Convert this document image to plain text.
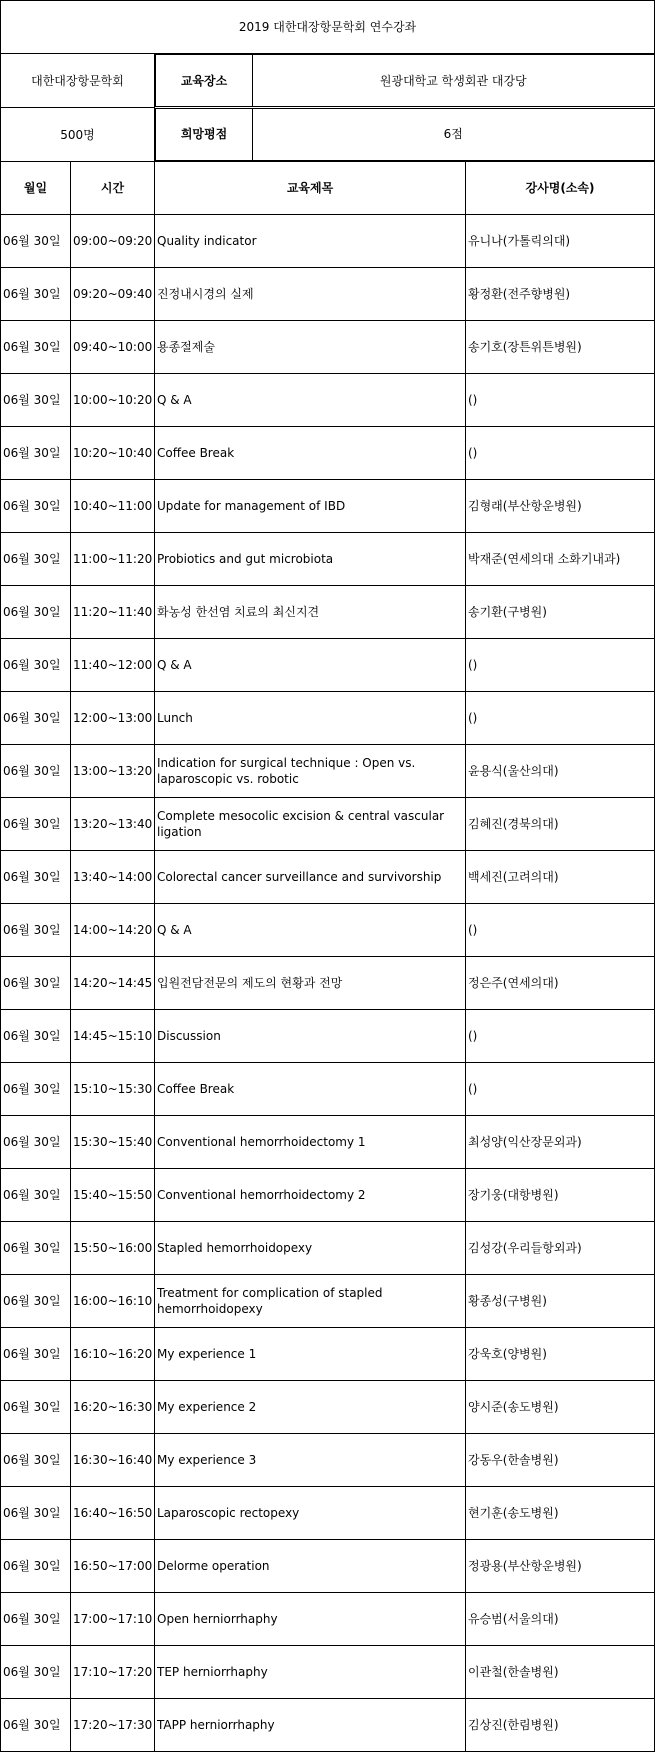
2019 대한대장항문학회 연수강좌
대한대장항문학회		교육장소	원광대학교 학생회관 대강당

500명		희망평점	6점

월일	시간	교육제목	강사명(소속)
06월 30일	09:00~09:20	Quality indicator	유니나(가톨릭의대)
06월 30일	09:20~09:40	진정내시경의 실제	황정환(전주향병원)
06월 30일	09:40~10:00	용종절제술	송기호(장튼위튼병원)
06월 30일	10:00~10:20	Q & A	()
06월 30일	10:20~10:40	Coffee Break	()
06월 30일	10:40~11:00	Update for management of IBD	김형래(부산항운병원)
06월 30일	11:00~11:20	Probiotics and gut microbiota	박재준(연세의대 소화기내과)
06월 30일	11:20~11:40	화농성 한선염 치료의 최신지견	송기환(구병원)
06월 30일	11:40~12:00	Q & A	()
06월 30일	12:00~13:00	Lunch	()
06월 30일	13:00~13:20	Indication for surgical technique : Open vs. laparoscopic vs. robotic	윤용식(울산의대)
06월 30일	13:20~13:40	Complete mesocolic excision & central vascular ligation	김혜진(경북의대)
06월 30일	13:40~14:00	Colorectal cancer surveillance and survivorship	백세진(고려의대)
06월 30일	14:00~14:20	Q & A	()
06월 30일	14:20~14:45	입원전담전문의 제도의 현황과 전망	정은주(연세의대)
06월 30일	14:45~15:10	Discussion	()
06월 30일	15:10~15:30	Coffee Break	()
06월 30일	15:30~15:40	Conventional hemorrhoidectomy 1	최성양(익산장문외과)
06월 30일	15:40~15:50	Conventional hemorrhoidectomy 2	장기웅(대항병원)
06월 30일	15:50~16:00	Stapled hemorrhoidopexy	김성강(우리들항외과)
06월 30일	16:00~16:10	Treatment for complication of stapled hemorrhoidopexy	황종성(구병원)
06월 30일	16:10~16:20	My experience 1	강욱호(양병원)
06월 30일	16:20~16:30	My experience 2	양시준(송도병원)
06월 30일	16:30~16:40	My experience 3	강동우(한솔병원)
06월 30일	16:40~16:50	Laparoscopic rectopexy	현기훈(송도병원)
06월 30일	16:50~17:00	Delorme operation	정광용(부산항운병원)
06월 30일	17:00~17:10	Open herniorrhaphy	유승범(서울의대)
06월 30일	17:10~17:20	TEP herniorrhaphy	이관철(한솔병원)
06월 30일	17:20~17:30	TAPP herniorrhaphy	김상진(한림병원)
